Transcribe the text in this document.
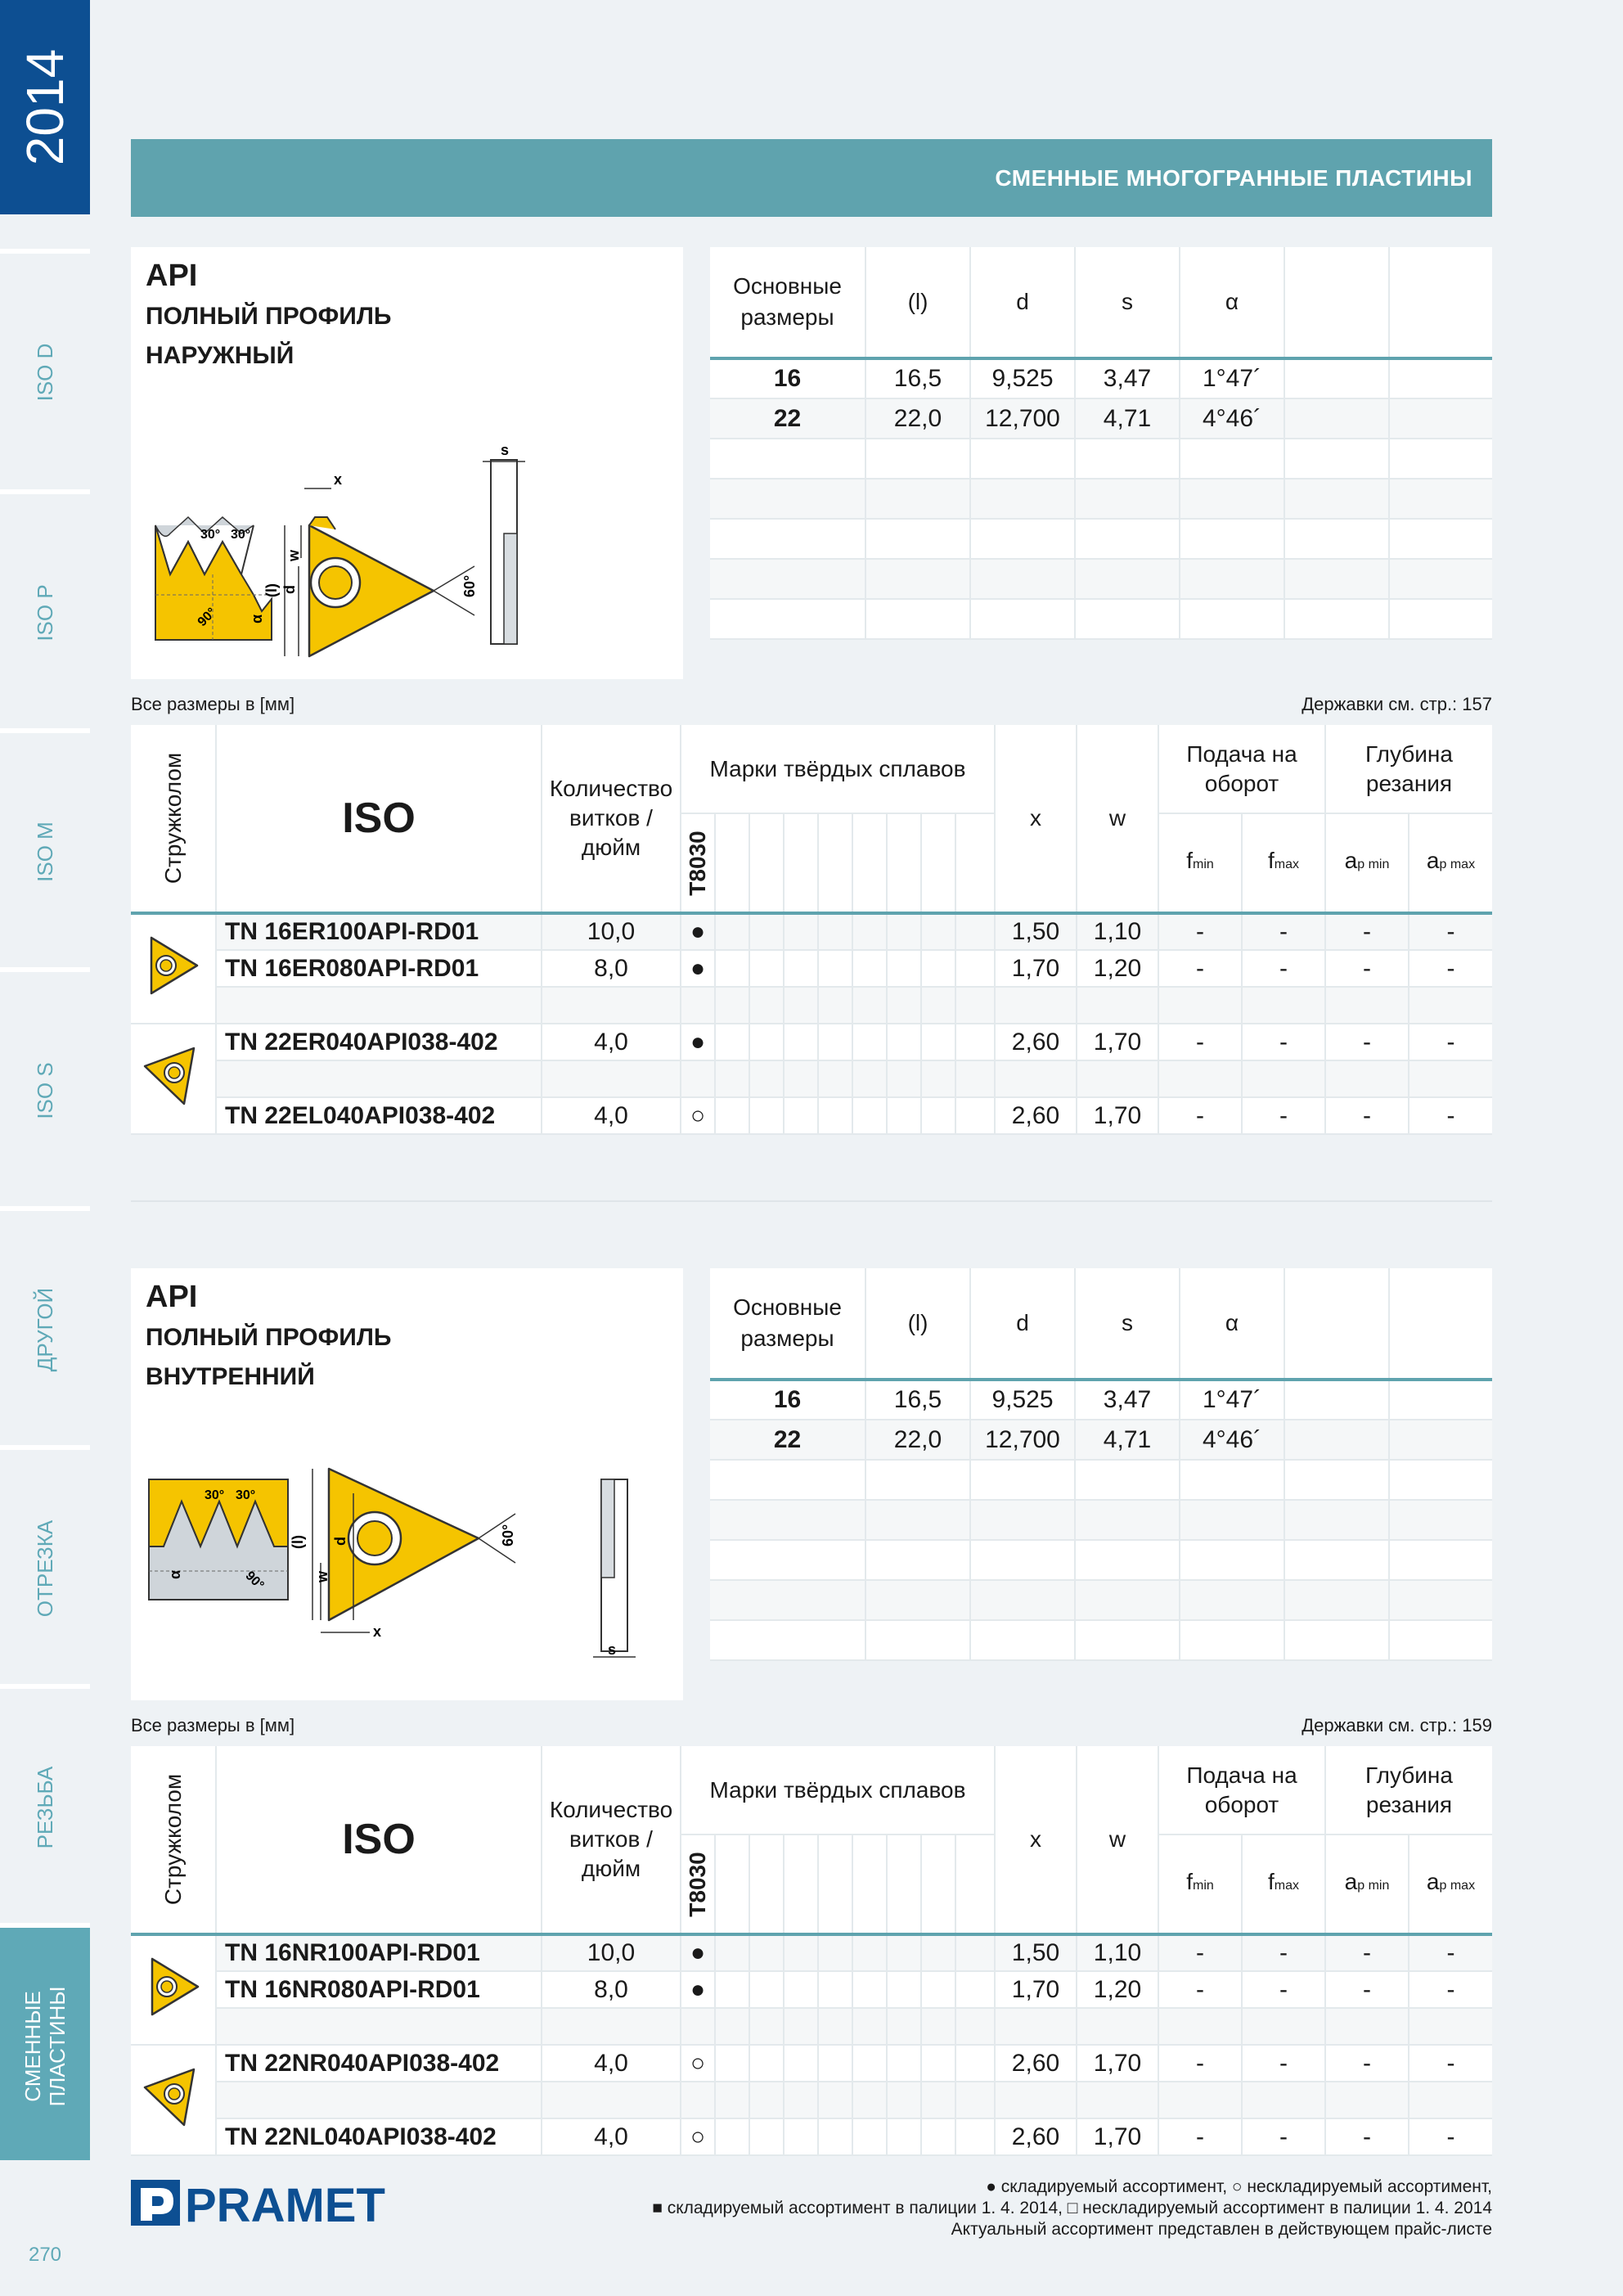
2014
ISO D
ISO P
ISO M
ISO S
ДРУГОЙ
ОТРЕЗКА
РЕЗЬБА
СМЕННЫЕ ПЛАСТИНЫ
270
СМЕННЫЕ МНОГОГРАННЫЕ ПЛАСТИНЫ
API
ПОЛНЫЙ ПРОФИЛЬ
НАРУЖНЫЙ
30° 30°
90° α
(l) d
w
x
60°
s
Основные размеры	(l)	d	s	α		
16	16,5	9,525	3,47	1°47´		
22	22,0	12,700	4,71	4°46´		

Все размеры в [мм]	Державки см. стр.: 157
Стружколом	ISO	Количество витков / дюйм	Марки твёрдых сплавов									x	w	Подача на оборот		Глубина резания	

			T8030											fmin	fmax	ap min	ap max
	TN 16ER100API-RD01	10,0	●									1,50	1,10	-	-	-	-
	TN 16ER080API-RD01	8,0	●									1,70	1,20	-	-	-	-

	TN 22ER040API038-402	4,0	●									2,60	1,70	-	-	-	-

	TN 22EL040API038-402	4,0	○									2,60	1,70	-	-	-	-
API
ПОЛНЫЙ ПРОФИЛЬ
ВНУТРЕННИЙ
30° 30°
90°
α
(l) d
w
x
60°
s
Основные размеры	(l)	d	s	α		
16	16,5	9,525	3,47	1°47´		
22	22,0	12,700	4,71	4°46´		

Все размеры в [мм]	Державки см. стр.: 159
Стружколом	ISO	Количество витков / дюйм	Марки твёрдых сплавов									x	w	Подача на оборот		Глубина резания	

			T8030											fmin	fmax	ap min	ap max
	TN 16NR100API-RD01	10,0	●									1,50	1,10	-	-	-	-
	TN 16NR080API-RD01	8,0	●									1,70	1,20	-	-	-	-

	TN 22NR040API038-402	4,0	○									2,60	1,70	-	-	-	-

	TN 22NL040API038-402	4,0	○									2,60	1,70	-	-	-	-
PRAMET	● складируемый ассортимент, ○ нескладируемый ассортимент,
■ складируемый ассортимент в палиции 1. 4. 2014, □ нескладируемый ассортимент в палиции 1. 4. 2014
Актуальный ассортимент представлен в действующем прайс-листе
